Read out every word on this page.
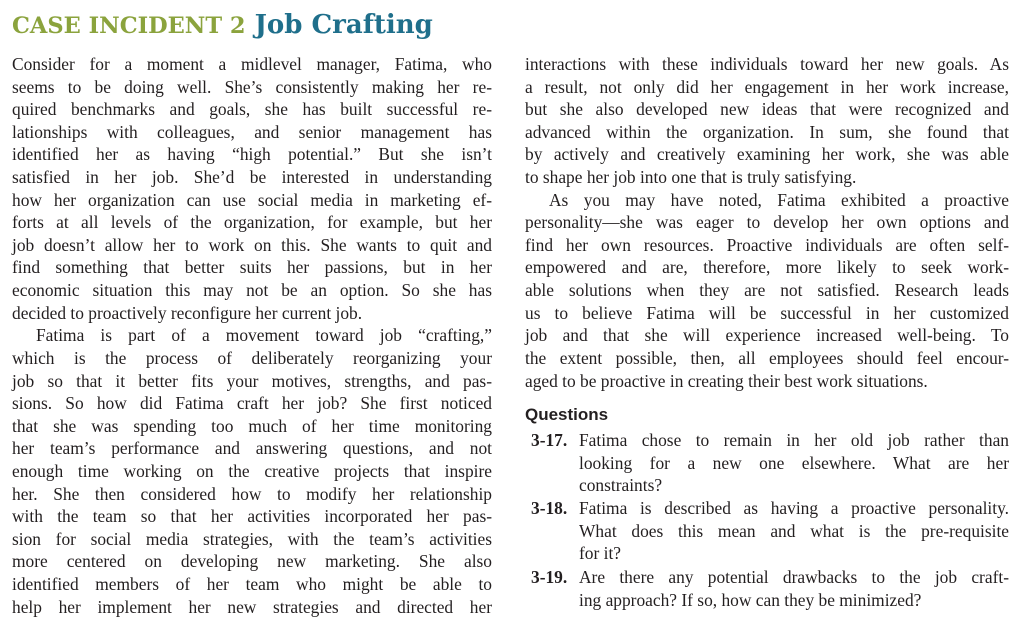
CASE INCIDENT 2 Job Crafting
Consider for a moment a midlevel manager, Fatima, who
seems to be doing well. She’s consistently making her re-
quired benchmarks and goals, she has built successful re-
lationships with colleagues, and senior management has
identified her as having “high potential.” But she isn’t
satisfied in her job. She’d be interested in understanding
how her organization can use social media in marketing ef-
forts at all levels of the organization, for example, but her
job doesn’t allow her to work on this. She wants to quit and
find something that better suits her passions, but in her
economic situation this may not be an option. So she has
decided to proactively reconfigure her current job.
Fatima is part of a movement toward job “crafting,”
which is the process of deliberately reorganizing your
job so that it better fits your motives, strengths, and pas-
sions. So how did Fatima craft her job? She first noticed
that she was spending too much of her time monitoring
her team’s performance and answering questions, and not
enough time working on the creative projects that inspire
her. She then considered how to modify her relationship
with the team so that her activities incorporated her pas-
sion for social media strategies, with the team’s activities
more centered on developing new marketing. She also
identified members of her team who might be able to
help her implement her new strategies and directed her
interactions with these individuals toward her new goals. As
a result, not only did her engagement in her work increase,
but she also developed new ideas that were recognized and
advanced within the organization. In sum, she found that
by actively and creatively examining her work, she was able
to shape her job into one that is truly satisfying.
As you may have noted, Fatima exhibited a proactive
personality—she was eager to develop her own options and
find her own resources. Proactive individuals are often self-
empowered and are, therefore, more likely to seek work-
able solutions when they are not satisfied. Research leads
us to believe Fatima will be successful in her customized
job and that she will experience increased well-being. To
the extent possible, then, all employees should feel encour-
aged to be proactive in creating their best work situations.
Questions
3-17. Fatima chose to remain in her old job rather than
looking for a new one elsewhere. What are her
constraints?
3-18. Fatima is described as having a proactive personality.
What does this mean and what is the pre-requisite
for it?
3-19. Are there any potential drawbacks to the job craft-
ing approach? If so, how can they be minimized?
